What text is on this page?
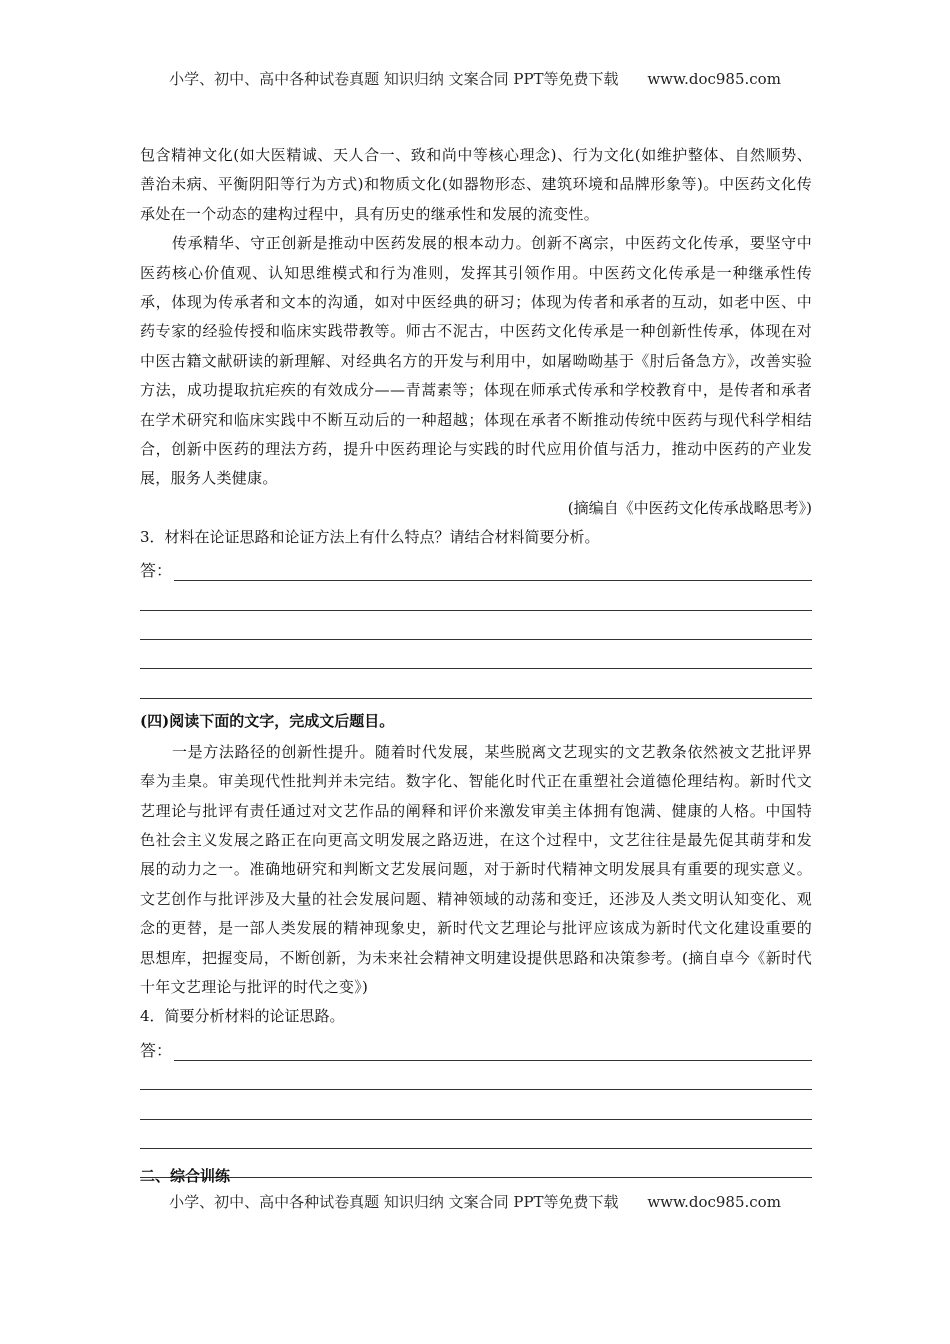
小学、初中、高中各种试卷真题 知识归纳 文案合同 PPT等免费下载 www.doc985.com

包含精神文化(如大医精诚、天人合一、致和尚中等核心理念)、行为文化(如维护整体、自然顺势、善治未病、平衡阴阳等行为方式)和物质文化(如器物形态、建筑环境和品牌形象等)。中医药文化传承处在一个动态的建构过程中，具有历史的继承性和发展的流变性。

传承精华、守正创新是推动中医药发展的根本动力。创新不离宗，中医药文化传承，要坚守中医药核心价值观、认知思维模式和行为准则，发挥其引领作用。中医药文化传承是一种继承性传承，体现为传承者和文本的沟通，如对中医经典的研习；体现为传者和承者的互动，如老中医、中药专家的经验传授和临床实践带教等。师古不泥古，中医药文化传承是一种创新性传承，体现在对中医古籍文献研读的新理解、对经典名方的开发与利用中，如屠呦呦基于《肘后备急方》，改善实验方法，成功提取抗疟疾的有效成分——青蒿素等；体现在师承式传承和学校教育中，是传者和承者在学术研究和临床实践中不断互动后的一种超越；体现在承者不断推动传统中医药与现代科学相结合，创新中医药的理法方药，提升中医药理论与实践的时代应用价值与活力，推动中医药的产业发展，服务人类健康。

(摘编自《中医药文化传承战略思考》)

3．材料在论证思路和论证方法上有什么特点？请结合材料简要分析。

答：
(四)阅读下面的文字，完成文后题目。

一是方法路径的创新性提升。随着时代发展，某些脱离文艺现实的文艺教条依然被文艺批评界奉为圭臬。审美现代性批判并未完结。数字化、智能化时代正在重塑社会道德伦理结构。新时代文艺理论与批评有责任通过对文艺作品的阐释和评价来激发审美主体拥有饱满、健康的人格。中国特色社会主义发展之路正在向更高文明发展之路迈进，在这个过程中，文艺往往是最先促其萌芽和发展的动力之一。准确地研究和判断文艺发展问题，对于新时代精神文明发展具有重要的现实意义。文艺创作与批评涉及大量的社会发展问题、精神领域的动荡和变迁，还涉及人类文明认知变化、观念的更替，是一部人类发展的精神现象史，新时代文艺理论与批评应该成为新时代文化建设重要的思想库，把握变局，不断创新，为未来社会精神文明建设提供思路和决策参考。(摘自卓今《新时代十年文艺理论与批评的时代之变》)

4．简要分析材料的论证思路。

答：
二、综合训练
小学、初中、高中各种试卷真题 知识归纳 文案合同 PPT等免费下载 www.doc985.com
